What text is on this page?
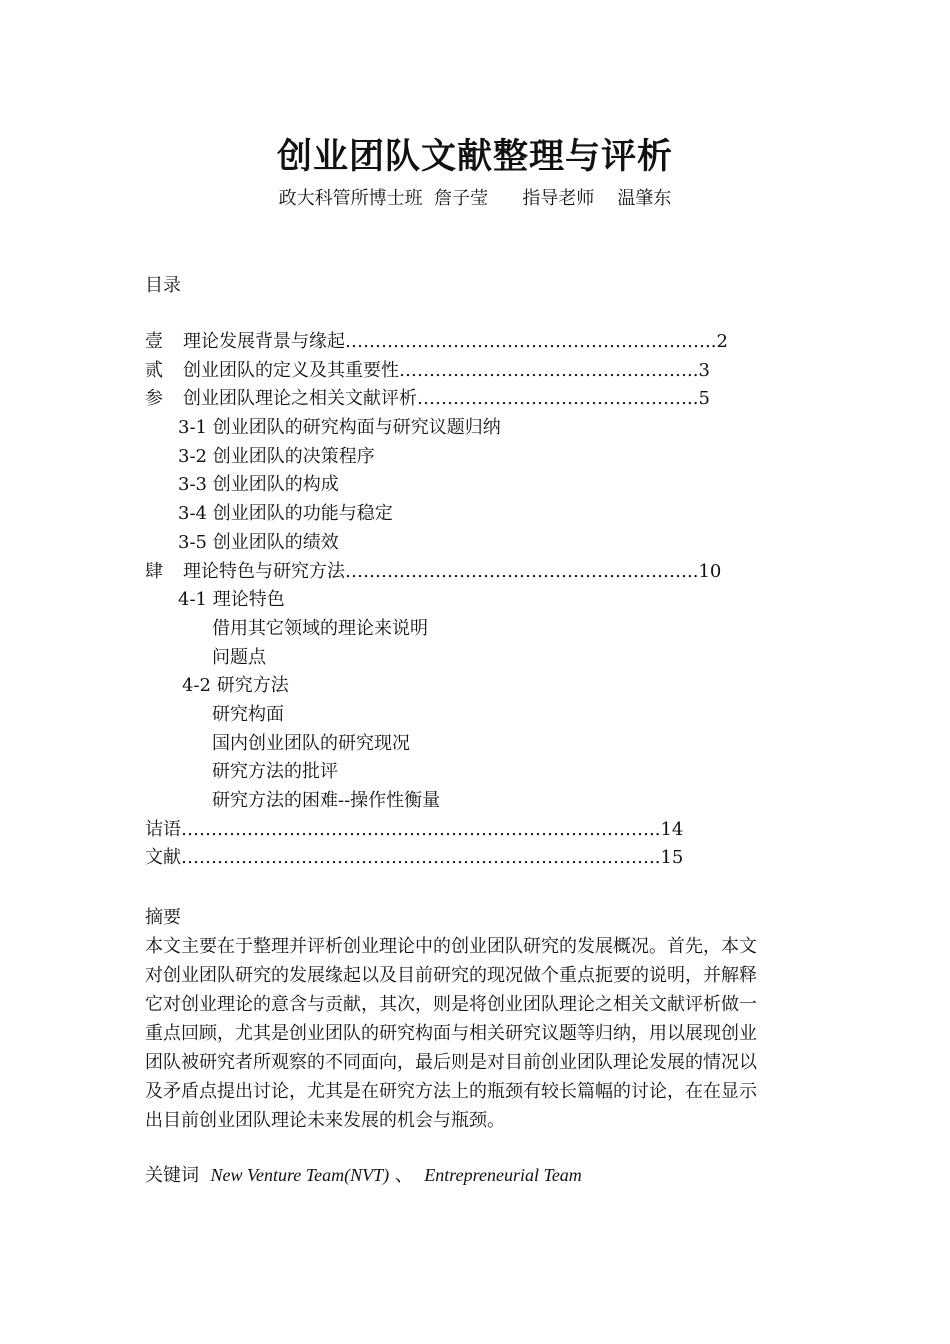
创业团队文献整理与评析
政大科管所博士班  詹子莹      指导老师    温肇东
目录
壹 理论发展背景与缘起……………………………………………………..2
贰 创业团队的定义及其重要性…………………………………………..3
参 创业团队理论之相关文献评析………………………………………..5
3-1 创业团队的研究构面与研究议题归纳
3-2 创业团队的决策程序
3-3 创业团队的构成
3-4 创业团队的功能与稳定
3-5 创业团队的绩效
肆 理论特色与研究方法…………………………………………………..10
4-1 理论特色
借用其它领域的理论来说明
问题点
4-2 研究方法
研究构面
国内创业团队的研究现况
研究方法的批评
研究方法的困难--操作性衡量
诘语……………………………………………………………………..14
文献……………………………………………………………………..15
摘要
本文主要在于整理并评析创业理论中的创业团队研究的发展概况。首先，本文
对创业团队研究的发展缘起以及目前研究的现况做个重点扼要的说明，并解释
它对创业理论的意含与贡献，其次，则是将创业团队理论之相关文献评析做一
重点回顾，尤其是创业团队的研究构面与相关研究议题等归纳，用以展现创业
团队被研究者所观察的不同面向，最后则是对目前创业团队理论发展的情况以
及矛盾点提出讨论，尤其是在研究方法上的瓶颈有较长篇幅的讨论，在在显示
出目前创业团队理论未来发展的机会与瓶颈。
关键词 New Venture Team(NVT) 、 Entrepreneurial Team
